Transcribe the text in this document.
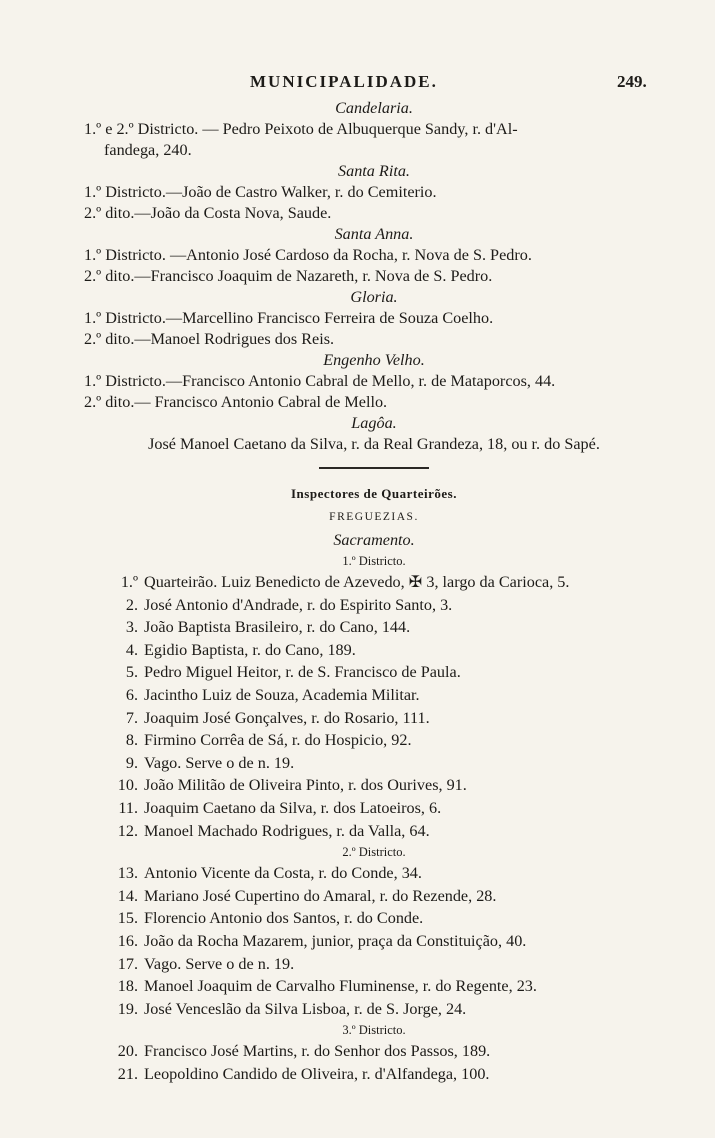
MUNICIPALIDADE.	249.
Candelaria.
1.º e 2.º Districto. — Pedro Peixoto de Albuquerque Sandy, r. d'Al-
fandega, 240.
Santa Rita.
1.º Districto.—João de Castro Walker, r. do Cemiterio.
2.º dito.—João da Costa Nova, Saude.
Santa Anna.
1.º Districto. —Antonio José Cardoso da Rocha, r. Nova de S. Pedro.
2.º dito.—Francisco Joaquim de Nazareth, r. Nova de S. Pedro.
Gloria.
1.º Districto.—Marcellino Francisco Ferreira de Souza Coelho.
2.º dito.—Manoel Rodrigues dos Reis.
Engenho Velho.
1.º Districto.—Francisco Antonio Cabral de Mello, r. de Mataporcos, 44.
2.º dito.— Francisco Antonio Cabral de Mello.
Lagôa.
José Manoel Caetano da Silva, r. da Real Grandeza, 18, ou r. do Sapé.
Inspectores de Quarteirões.
FREGUEZIAS.
Sacramento.
1.º Districto.
1.º Quarteirão. Luiz Benedicto de Azevedo, ✠ 3, largo da Carioca, 5.
2. José Antonio d'Andrade, r. do Espirito Santo, 3.
3. João Baptista Brasileiro, r. do Cano, 144.
4. Egidio Baptista, r. do Cano, 189.
5. Pedro Miguel Heitor, r. de S. Francisco de Paula.
6. Jacintho Luiz de Souza, Academia Militar.
7. Joaquim José Gonçalves, r. do Rosario, 111.
8. Firmino Corrêa de Sá, r. do Hospicio, 92.
9. Vago. Serve o de n. 19.
10. João Militão de Oliveira Pinto, r. dos Ourives, 91.
11. Joaquim Caetano da Silva, r. dos Latoeiros, 6.
12. Manoel Machado Rodrigues, r. da Valla, 64.
2.º Districto.
13. Antonio Vicente da Costa, r. do Conde, 34.
14. Mariano José Cupertino do Amaral, r. do Rezende, 28.
15. Florencio Antonio dos Santos, r. do Conde.
16. João da Rocha Mazarem, junior, praça da Constituição, 40.
17. Vago. Serve o de n. 19.
18. Manoel Joaquim de Carvalho Fluminense, r. do Regente, 23.
19. José Venceslão da Silva Lisboa, r. de S. Jorge, 24.
3.º Districto.
20. Francisco José Martins, r. do Senhor dos Passos, 189.
21. Leopoldino Candido de Oliveira, r. d'Alfandega, 100.
